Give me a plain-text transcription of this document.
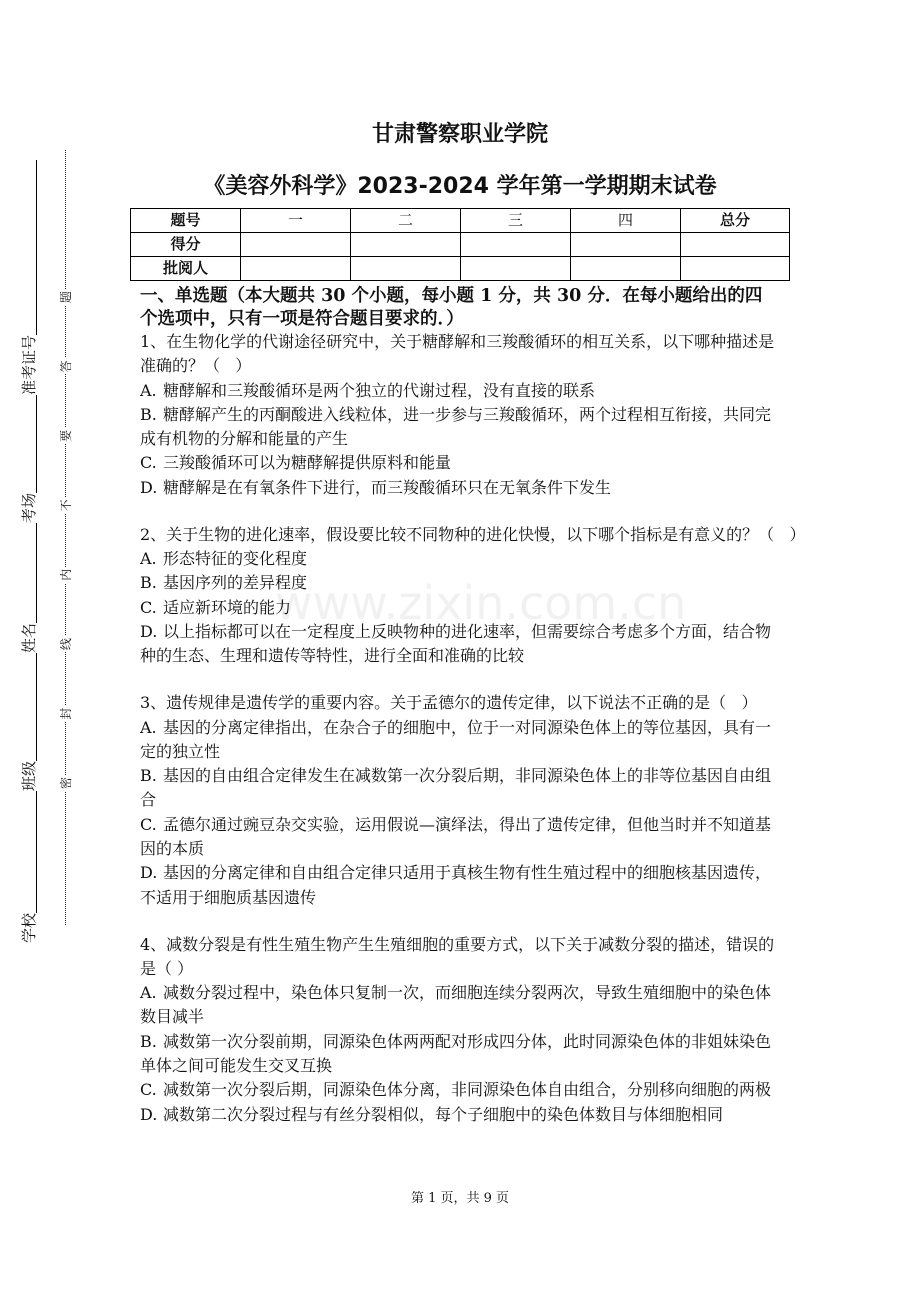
www.zixin.com.cn
学校
班级
姓名
考场
准考证号
密
封
线
内
不
要
答
题
甘肃警察职业学院
《美容外科学》2023-2024 学年第一学期期末试卷
题号	一	二	三	四	总分
得分					
批阅人					
一、单选题（本大题共 30 个小题，每小题 1 分，共 30 分．在每小题给出的四
个选项中，只有一项是符合题目要求的．）
1、在生物化学的代谢途径研究中，关于糖酵解和三羧酸循环的相互关系，以下哪种描述是
准确的？（   ）
A. 糖酵解和三羧酸循环是两个独立的代谢过程，没有直接的联系
B. 糖酵解产生的丙酮酸进入线粒体，进一步参与三羧酸循环，两个过程相互衔接，共同完
成有机物的分解和能量的产生
C. 三羧酸循环可以为糖酵解提供原料和能量
D. 糖酵解是在有氧条件下进行，而三羧酸循环只在无氧条件下发生
2、关于生物的进化速率，假设要比较不同物种的进化快慢，以下哪个指标是有意义的？（   ）
A. 形态特征的变化程度
B. 基因序列的差异程度
C. 适应新环境的能力
D. 以上指标都可以在一定程度上反映物种的进化速率，但需要综合考虑多个方面，结合物
种的生态、生理和遗传等特性，进行全面和准确的比较
3、遗传规律是遗传学的重要内容。关于孟德尔的遗传定律，以下说法不正确的是（   ）
A. 基因的分离定律指出，在杂合子的细胞中，位于一对同源染色体上的等位基因，具有一
定的独立性
B. 基因的自由组合定律发生在减数第一次分裂后期，非同源染色体上的非等位基因自由组
合
C. 孟德尔通过豌豆杂交实验，运用假说—演绎法，得出了遗传定律，但他当时并不知道基
因的本质
D. 基因的分离定律和自由组合定律只适用于真核生物有性生殖过程中的细胞核基因遗传，
不适用于细胞质基因遗传
4、减数分裂是有性生殖生物产生生殖细胞的重要方式，以下关于减数分裂的描述，错误的
是（ ）
A. 减数分裂过程中，染色体只复制一次，而细胞连续分裂两次，导致生殖细胞中的染色体
数目减半
B. 减数第一次分裂前期，同源染色体两两配对形成四分体，此时同源染色体的非姐妹染色
单体之间可能发生交叉互换
C. 减数第一次分裂后期，同源染色体分离，非同源染色体自由组合，分别移向细胞的两极
D. 减数第二次分裂过程与有丝分裂相似，每个子细胞中的染色体数目与体细胞相同
第 1 页，共 9 页
